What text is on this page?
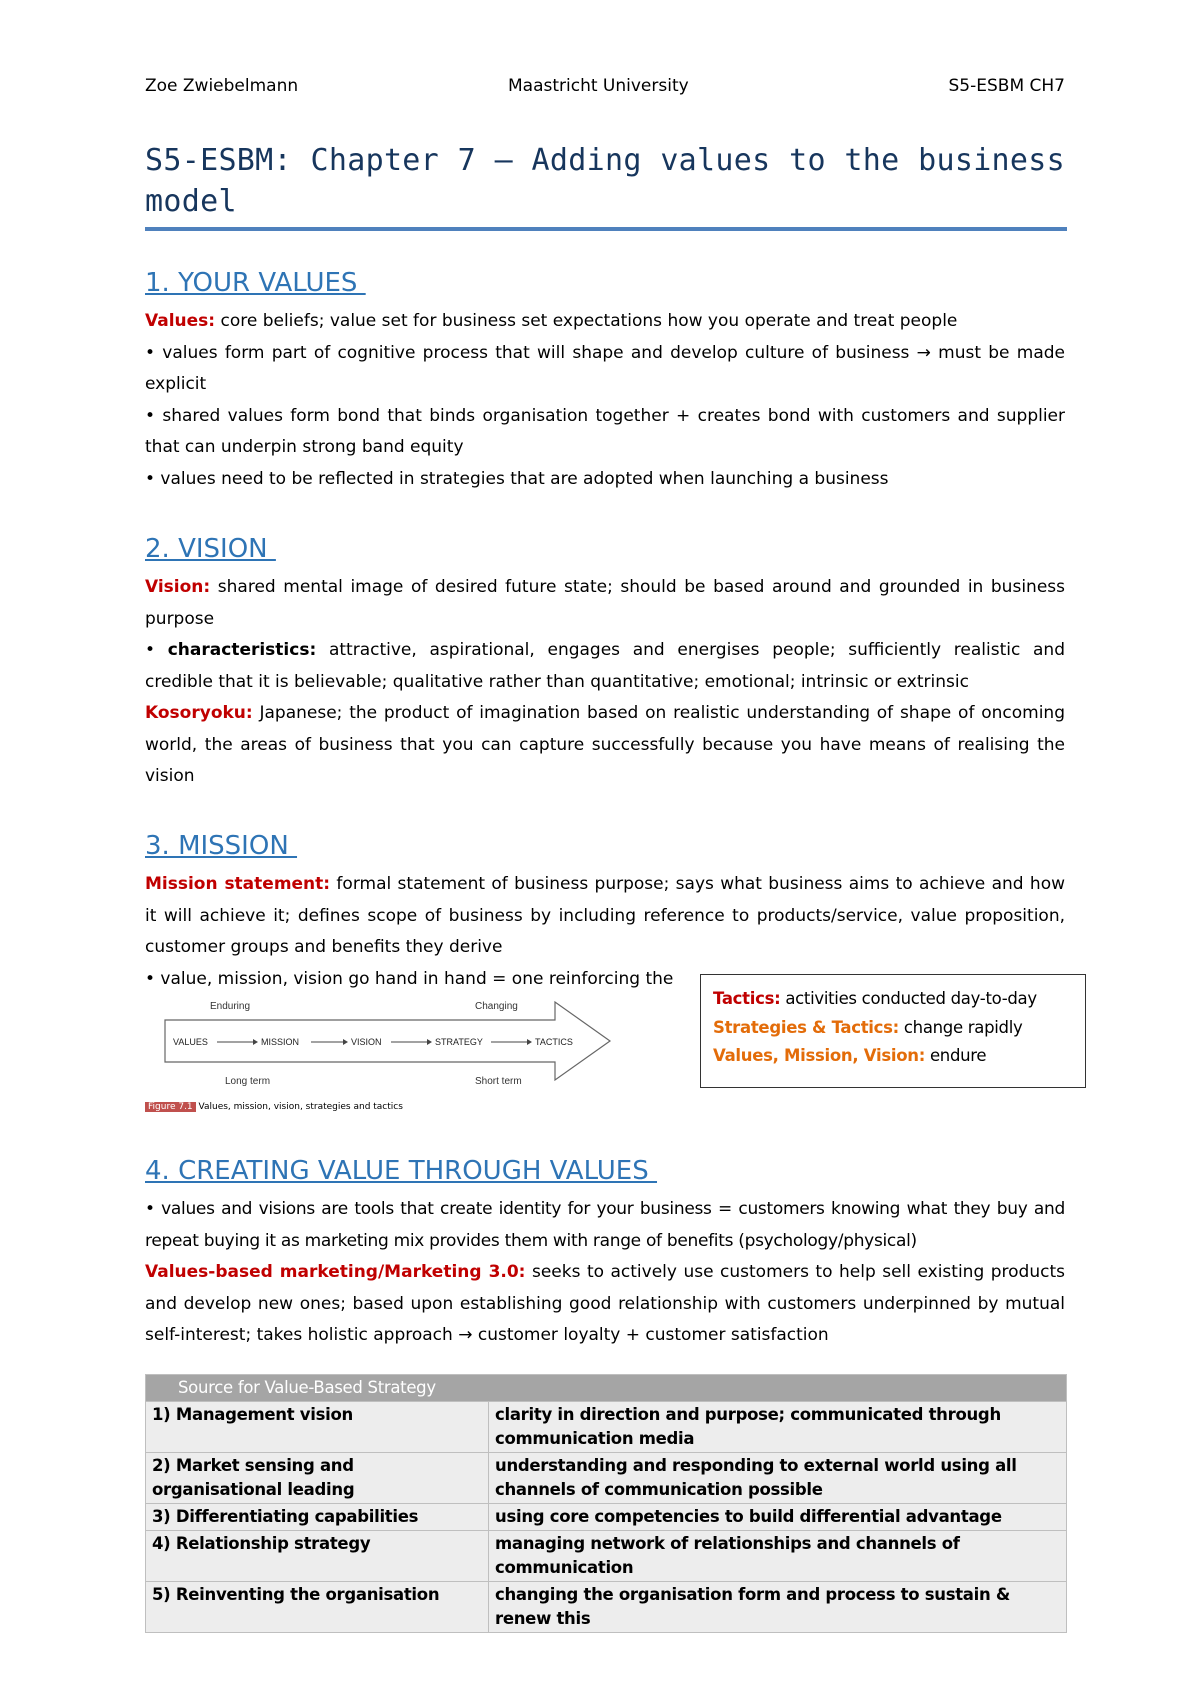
Zoe Zwiebelmann	Maastricht University	S5-ESBM CH7
S5-ESBM: Chapter 7 – Adding values to the business model
1. YOUR VALUES

Values: core beliefs; value set for business set expectations how you operate and treat people

• values form part of cognitive process that will shape and develop culture of business → must be made explicit

• shared values form bond that binds organisation together + creates bond with customers and supplier that can underpin strong band equity

• values need to be reflected in strategies that are adopted when launching a business

2. VISION

Vision: shared mental image of desired future state; should be based around and grounded in business purpose

• characteristics: attractive, aspirational, engages and energises people; sufficiently realistic and credible that it is believable; qualitative rather than quantitative; emotional; intrinsic or extrinsic

Kosoryoku: Japanese; the product of imagination based on realistic understanding of shape of oncoming world, the areas of business that you can capture successfully because you have means of realising the vision

3. MISSION

Mission statement: formal statement of business purpose; says what business aims to achieve and how it will achieve it; defines scope of business by including reference to products/service, value proposition, customer groups and benefits they derive

• value, mission, vision go hand in hand = one reinforcing the

Tactics: activities conducted day-to-day
Strategies & Tactics: change rapidly
Values, Mission, Vision: endure
Enduring	Changing
VALUES	MISSION	VISION	STRATEGY	TACTICS
Long term	Short term
Figure 7.1 Values, mission, vision, strategies and tactics
4. CREATING VALUE THROUGH VALUES

• values and visions are tools that create identity for your business = customers knowing what they buy and repeat buying it as marketing mix provides them with range of benefits (psychology/physical)

Values-based marketing/Marketing 3.0: seeks to actively use customers to help sell existing products and develop new ones; based upon establishing good relationship with customers underpinned by mutual self-interest; takes holistic approach → customer loyalty + customer satisfaction

Source for Value-Based Strategy	
1) Management vision	clarity in direction and purpose; communicated through communication media
2) Market sensing and organisational leading	understanding and responding to external world using all channels of communication possible
3) Differentiating capabilities	using core competencies to build differential advantage
4) Relationship strategy	managing network of relationships and channels of communication
5) Reinventing the organisation	changing the organisation form and process to sustain & renew this
